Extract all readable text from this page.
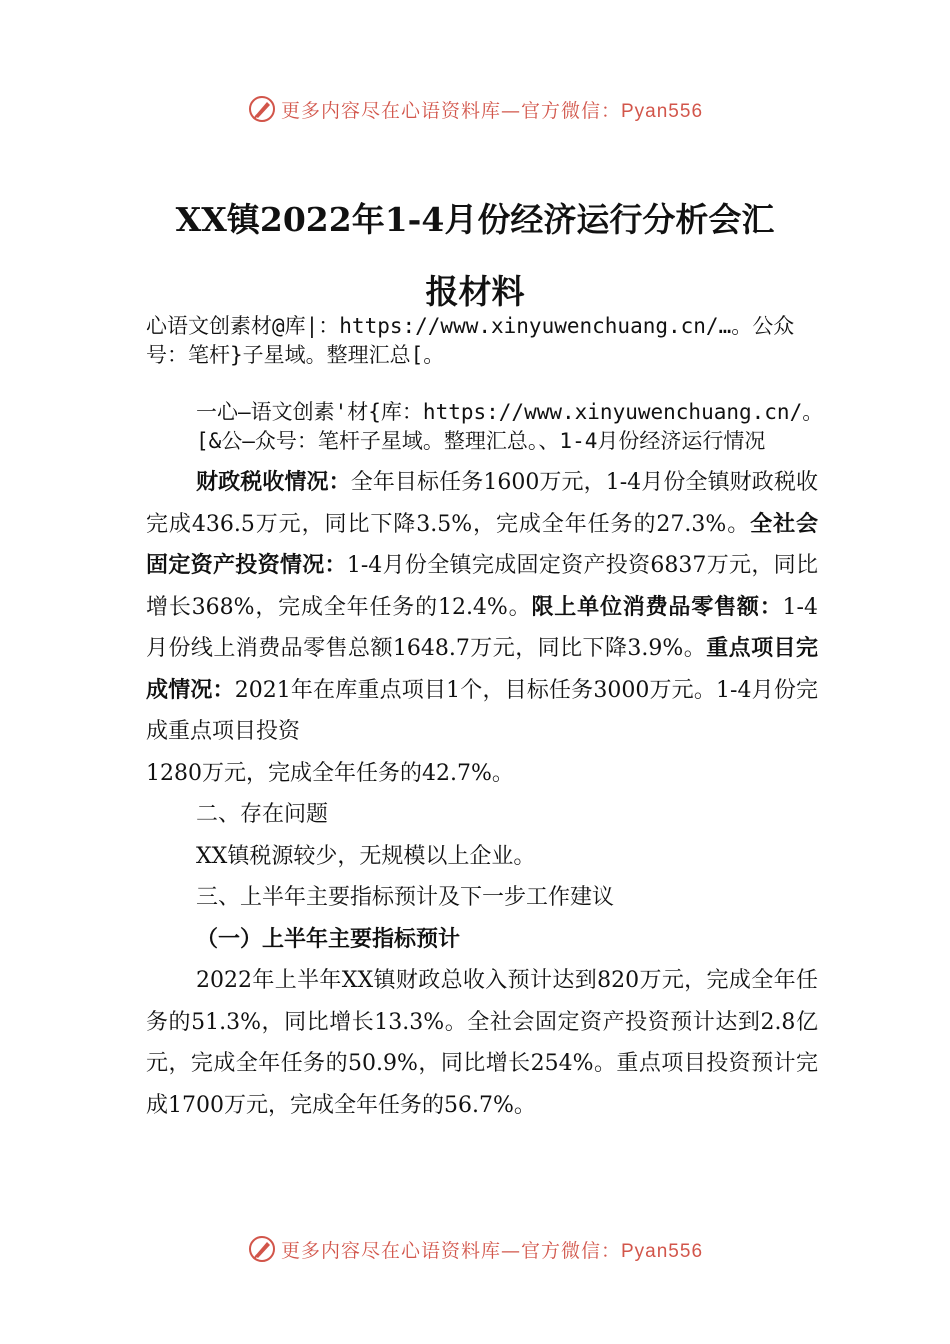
更多内容尽在心语资料库—官方微信：Pyan556
XX镇2022年1-4月份经济运行分析会汇
报材料

心语文创素材@库|：https://www.xinyuwenchuang.cn/…。公众号：笔杆}子星域。整理汇总[。

一心—语文创素'材{库：https://www.xinyuwenchuang.cn/。[&公—众号：笔杆子星域。整理汇总。、1-4月份经济运行情况

财政税收情况：全年目标任务1600万元，1-4月份全镇财政税收完成436.5万元，同比下降3.5%，完成全年任务的27.3%。全社会固定资产投资情况：1-4月份全镇完成固定资产投资6837万元，同比增长368%，完成全年任务的12.4%。限上单位消费品零售额：1-4月份线上消费品零售总额1648.7万元，同比下降3.9%。重点项目完成情况：2021年在库重点项目1个，目标任务3000万元。1-4月份完成重点项目投资

1280万元，完成全年任务的42.7%。

二、存在问题

XX镇税源较少，无规模以上企业。

三、上半年主要指标预计及下一步工作建议

（一）上半年主要指标预计

2022年上半年XX镇财政总收入预计达到820万元，完成全年任务的51.3%，同比增长13.3%。全社会固定资产投资预计达到2.8亿元，完成全年任务的50.9%，同比增长254%。重点项目投资预计完成1700万元，完成全年任务的56.7%。

更多内容尽在心语资料库—官方微信：Pyan556
